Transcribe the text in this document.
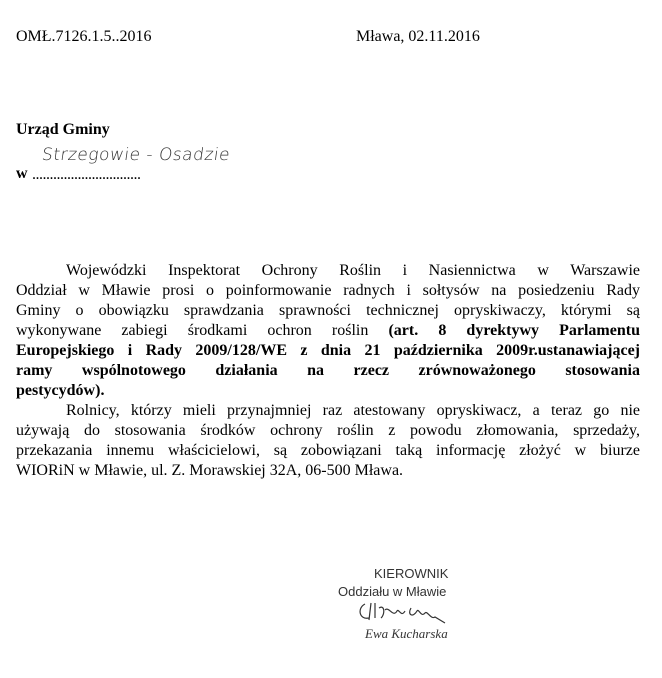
OMŁ.7126.1.5..2016	Mława, 02.11.2016
Urząd Gminy
w ...............................
Strzegowie - Osadzie
Wojewódzki Inspektorat Ochrony Roślin i Nasiennictwa w Warszawie
Oddział w Mławie prosi o poinformowanie radnych i sołtysów na posiedzeniu Rady
Gminy o obowiązku sprawdzania sprawności technicznej opryskiwaczy, którymi są
wykonywane zabiegi środkami ochron roślin (art. 8 dyrektywy Parlamentu
Europejskiego i Rady 2009/128/WE z dnia 21 października 2009r.ustanawiającej
ramy wspólnotowego działania na rzecz zrównoważonego stosowania
pestycydów).
Rolnicy, którzy mieli przynajmniej raz atestowany opryskiwacz, a teraz go nie
używają do stosowania środków ochrony roślin z powodu złomowania, sprzedaży,
przekazania innemu właścicielowi, są zobowiązani taką informację złożyć w biurze
WIORiN w Mławie, ul. Z. Morawskiej 32A, 06-500 Mława.
KIEROWNIK
Oddziału w Mławie
Ewa Kucharska
